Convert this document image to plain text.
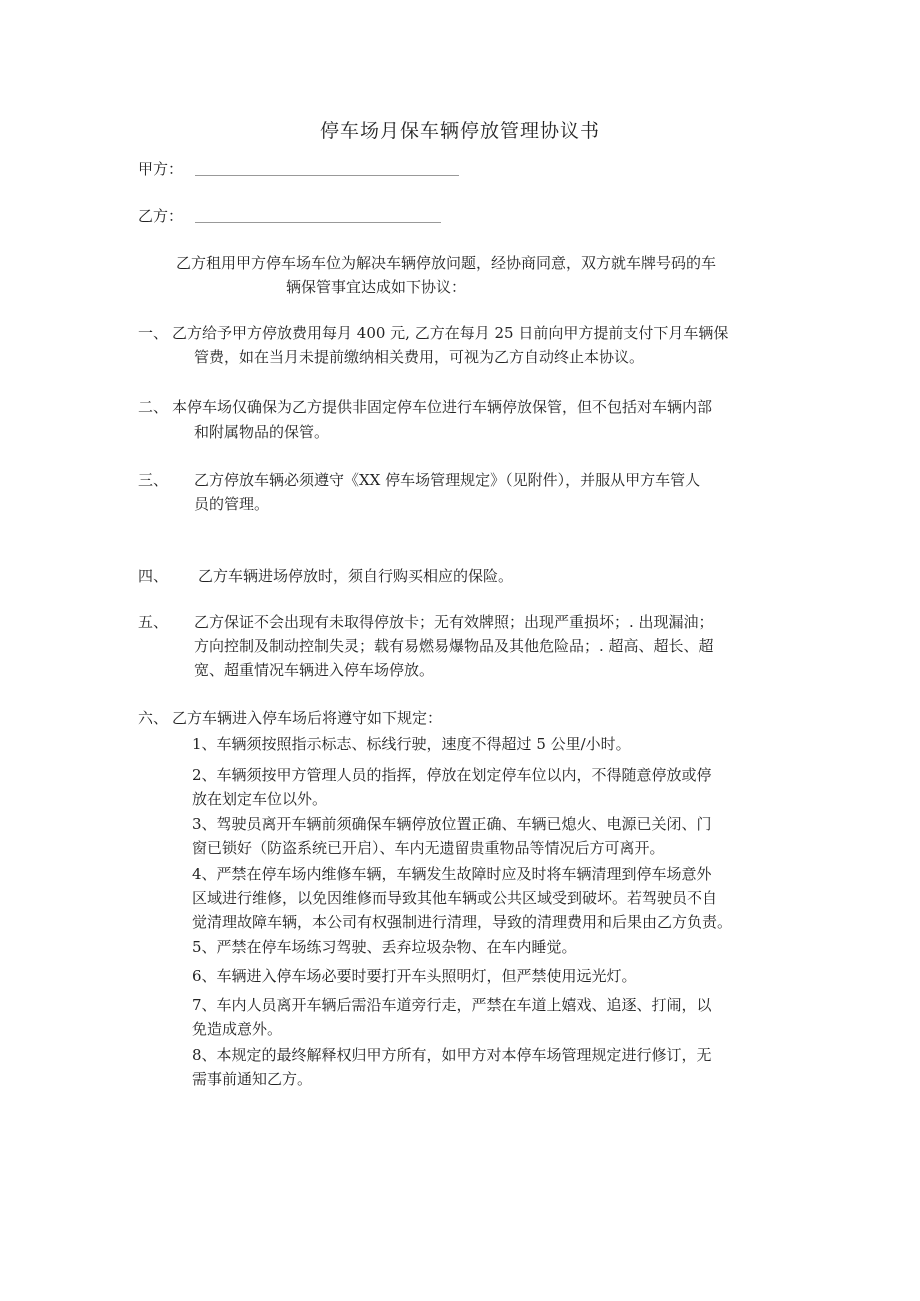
停车场月保车辆停放管理协议书
甲方：
乙方：
乙方租用甲方停车场车位为解决车辆停放问题，经协商同意，双方就车牌号码的车
辆保管事宜达成如下协议：
一、 乙方给予甲方停放费用每月 400 元, 乙方在每月 25 日前向甲方提前支付下月车辆保
管费，如在当月未提前缴纳相关费用，可视为乙方自动终止本协议。
二、 本停车场仅确保为乙方提供非固定停车位进行车辆停放保管，但不包括对车辆内部
和附属物品的保管。
三、 乙方停放车辆必须遵守《XX 停车场管理规定》（见附件），并服从甲方车管人
员的管理。
四、 乙方车辆进场停放时，须自行购买相应的保险。
五、 乙方保证不会出现有未取得停放卡；无有效牌照；出现严重损坏；. 出现漏油；
方向控制及制动控制失灵；载有易燃易爆物品及其他危险品；. 超高、超长、超
宽、超重情况车辆进入停车场停放。
六、 乙方车辆进入停车场后将遵守如下规定：
1、车辆须按照指示标志、标线行驶，速度不得超过 5 公里/小时。
2、车辆须按甲方管理人员的指挥，停放在划定停车位以内，不得随意停放或停
放在划定车位以外。
3、驾驶员离开车辆前须确保车辆停放位置正确、车辆已熄火、电源已关闭、门
窗已锁好（防盗系统已开启）、车内无遗留贵重物品等情况后方可离开。
4、严禁在停车场内维修车辆，车辆发生故障时应及时将车辆清理到停车场意外
区域进行维修，以免因维修而导致其他车辆或公共区域受到破坏。若驾驶员不自
觉清理故障车辆，本公司有权强制进行清理，导致的清理费用和后果由乙方负责。
5、严禁在停车场练习驾驶、丢弃垃圾杂物、在车内睡觉。
6、车辆进入停车场必要时要打开车头照明灯，但严禁使用远光灯。
7、车内人员离开车辆后需沿车道旁行走，严禁在车道上嬉戏、追逐、打闹，以
免造成意外。
8、本规定的最终解释权归甲方所有，如甲方对本停车场管理规定进行修订，无
需事前通知乙方。
